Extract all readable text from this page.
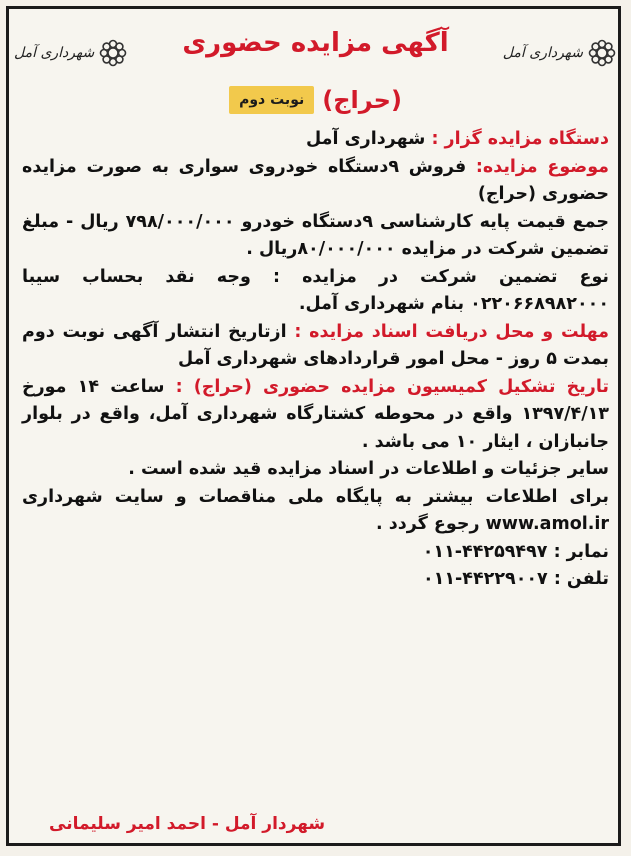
شهرداری آمل
شهرداری آمل	آگهی مزایده حضوری
(حراج)
نوبت دوم

دستگاه مزایده گزار : شهرداری آمل

موضوع مزایده: فروش ۹دستگاه خودروی سواری به صورت مزایده حضوری (حراج)

جمع قیمت پایه کارشناسی ۹دستگاه خودرو ۷۹۸/۰۰۰/۰۰۰ ریال - مبلغ تضمین شرکت در مزایده ۸۰/۰۰۰/۰۰۰ریال .

نوع تضمین شرکت در مزایده : وجه نقد بحساب سیبا ۰۲۲۰۶۶۸۹۸۲۰۰۰ بنام شهرداری آمل.

مهلت و محل دریافت اسناد مزایده : ازتاریخ انتشار آگهی نوبت دوم بمدت ۵ روز - محل امور قراردادهای شهرداری آمل

تاریخ تشکیل کمیسیون مزایده حضوری (حراج) : ساعت ۱۴ مورخ ۱۳۹۷/۴/۱۳ واقع در محوطه کشتارگاه شهرداری آمل، واقع در بلوار جانبازان ، ایثار ۱۰ می باشد .

سایر جزئیات و اطلاعات در اسناد مزایده قید شده است .

برای اطلاعات بیشتر به پایگاه ملی مناقصات و سایت شهرداری www.amol.ir رجوع گردد .

نمابر : ۰۱۱-۴۴۲۵۹۴۹۷

تلفن : ۰۱۱-۴۴۲۲۹۰۰۷

شهردار آمل - احمد امیر سلیمانی
